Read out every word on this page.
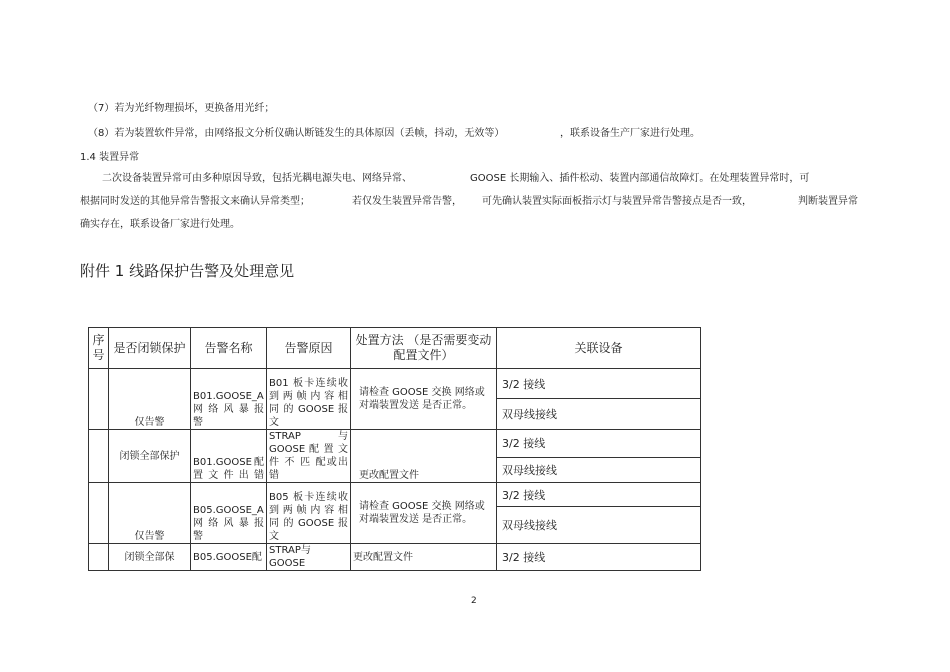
（7）若为光纤物理损坏，更换备用光纤；
（8）若为装置软件异常，由网络报文分析仪确认断链发生的具体原因（丢帧，抖动，无效等）	，联系设备生产厂家进行处理。
1.4 装置异常
二次设备装置异常可由多种原因导致，包括光耦电源失电、网络异常、	GOOSE 长期输入、插件松动、装置内部通信故障灯。在处理装置异常时，可
根据同时发送的其他异常告警报文来确认异常类型；	若仅发生装置异常告警， 可先确认装置实际面板指示灯与装置异常告警接点是否一致，	判断装置异常
确实存在，联系设备厂家进行处理。
附件 1 线路保护告警及处理意见
序号	是否闭锁保护	告警名称	告警原因	处置方法 （是否需要变动配置文件）	关联设备
	仅告警	B01.GOOSE_A 网 络 风 暴 报 警	B01 板卡连续收 到 两 帧 内 容 相 同 的 GOOSE 报 文	请检查 GOOSE 交换 网络或对端装置发送 是否正常。	3/2 接线
					双母线接线
	闭锁全部保护	B01.GOOSE配 置文件出错	STRAP与 GOOSE 配 置 文 件 不 匹 配或出错	更改配置文件	3/2 接线
					双母线接线
	仅告警	B05.GOOSE_A 网 络 风 暴 报 警	B05 板卡连续收 到 两 帧 内 容 相 同 的 GOOSE 报 文	请检查 GOOSE 交换 网络或对端装置发送 是否正常。	3/2 接线
					双母线接线
	闭锁全部保	B05.GOOSE配	STRAP与 GOOSE	更改配置文件	3/2 接线
2
